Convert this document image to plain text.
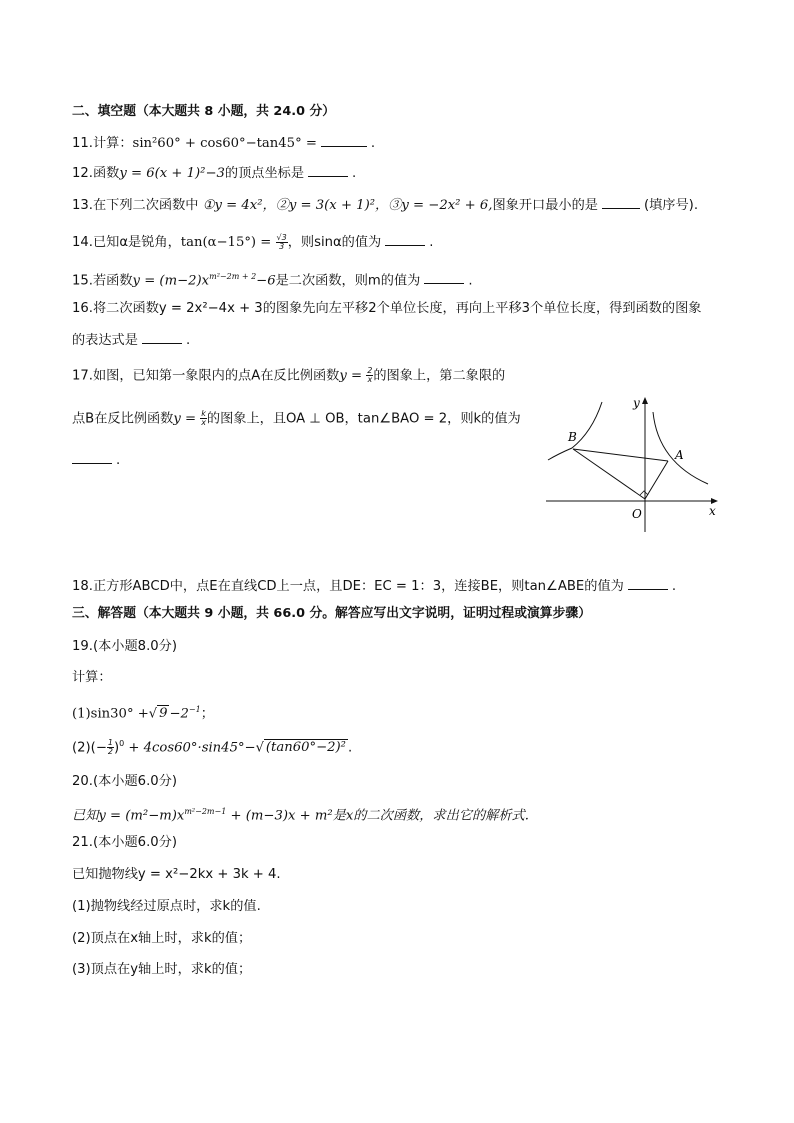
二、填空题（本大题共 8 小题，共 24.0 分）
11.计算：sin²60° + cos60°−tan45° =	.
12.函数y = 6(x + 1)²−3的顶点坐标是	.
13.在下列二次函数中 ①y = 4x²，②y = 3(x + 1)²，③y = −2x² + 6,图象开口最小的是	(填序号).
14.已知α是锐角，$\tan(\alpha-15^\circ) = \frac{√3}{3}$ ，则sinα的值为	.
15.若函数$y = (m-2)x^{m^2-2m + 2}-6$是二次函数，则m的值为	.
16.将二次函数y = 2x²−4x + 3的图象先向左平移2个单位长度，再向上平移3个单位长度，得到函数的图象
的表达式是	.
17.如图，已知第一象限内的点A在反比例函数$y = \frac{2}{x}$ 的图象上，第二象限的
点B在反比例函数$y = \frac{k}{x}$ 的图象上，且OA ⊥ OB，tan∠BAO = 2，则k的值为
.
y
x
O
A
B
18.正方形ABCD中，点E在直线CD上一点，且DE：EC = 1：3，连接BE，则tan∠ABE的值为	.
三、解答题（本大题共 9 小题，共 66.0 分。解答应写出文字说明，证明过程或演算步骤）
19.(本小题8.0分)
计算：
(1)sin30° +√ $9 -2^{-1}$；
$(2)(- \frac{1}{2} )^0 + 4\cos 60^\circ\cdot\sin 45^\circ-√$ (tan60°−2)² .
20.(本小题6.0分)
已知$y = (m^2-m)x^{m^2-2m-1} + (m-3)x + m^2$是x的二次函数，求出它的解析式.
21.(本小题6.0分)
已知抛物线y = x²−2kx + 3k + 4.
(1)抛物线经过原点时，求k的值.
(2)顶点在x轴上时，求k的值；
(3)顶点在y轴上时，求k的值；
